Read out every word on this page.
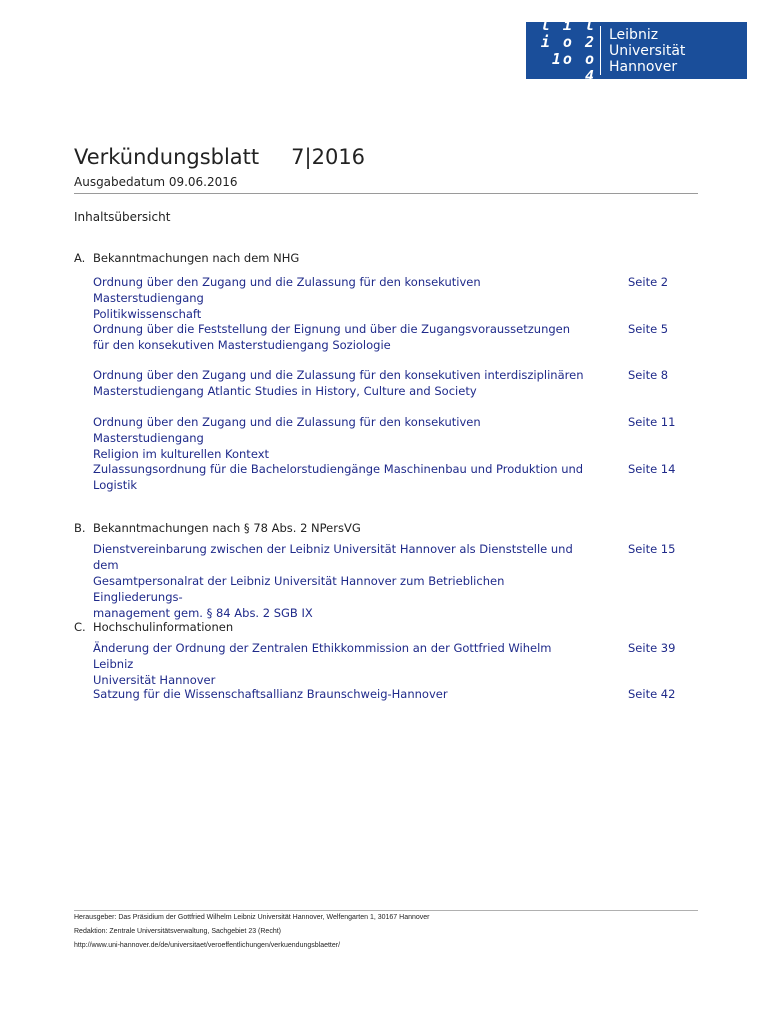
l i l
i o 2
1o o 4
Leibniz
Universität
Hannover
Verkündungsblatt 7|2016
Ausgabedatum 09.06.2016
Inhaltsübersicht
A. Bekanntmachungen nach dem NHG
Ordnung über den Zugang und die Zulassung für den konsekutiven Masterstudiengang
Politikwissenschaft
Seite 2
Ordnung über die Feststellung der Eignung und über die Zugangsvoraussetzungen
für den konsekutiven Masterstudiengang Soziologie
Seite 5
Ordnung über den Zugang und die Zulassung für den konsekutiven interdisziplinären
Masterstudiengang Atlantic Studies in History, Culture and Society
Seite 8
Ordnung über den Zugang und die Zulassung für den konsekutiven Masterstudiengang
Religion im kulturellen Kontext
Seite 11
Zulassungsordnung für die Bachelorstudiengänge Maschinenbau und Produktion und
Logistik
Seite 14
B. Bekanntmachungen nach § 78 Abs. 2 NPersVG
Dienstvereinbarung zwischen der Leibniz Universität Hannover als Dienststelle und dem
Gesamtpersonalrat der Leibniz Universität Hannover zum Betrieblichen Eingliederungs-
management gem. § 84 Abs. 2 SGB IX
Seite 15
C. Hochschulinformationen
Änderung der Ordnung der Zentralen Ethikkommission an der Gottfried Wihelm Leibniz
Universität Hannover
Seite 39
Satzung für die Wissenschaftsallianz Braunschweig-Hannover	Seite 42
Herausgeber: Das Präsidium der Gottfried Wilhelm Leibniz Universität Hannover, Welfengarten 1, 30167 Hannover
Redaktion: Zentrale Universitätsverwaltung, Sachgebiet 23 (Recht)
http://www.uni-hannover.de/de/universitaet/veroeffentlichungen/verkuendungsblaetter/
